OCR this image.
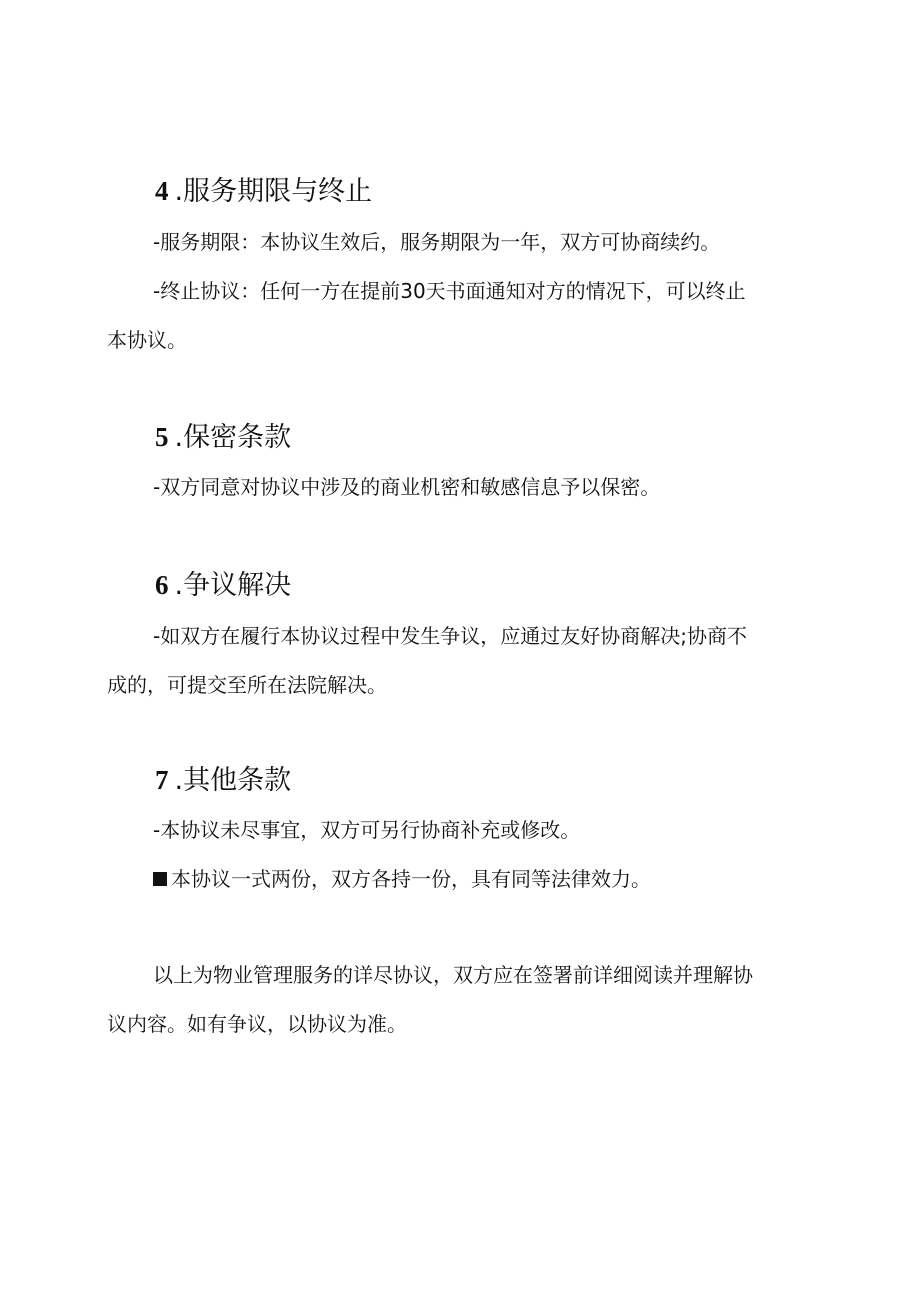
4 .服务期限与终止
-服务期限：本协议生效后，服务期限为一年，双方可协商续约。
-终止协议：任何一方在提前30天书面通知对方的情况下，可以终止
本协议。
5 .保密条款
-双方同意对协议中涉及的商业机密和敏感信息予以保密。
6 .争议解决
-如双方在履行本协议过程中发生争议，应通过友好协商解决;协商不
成的，可提交至所在法院解决。
7 .其他条款
-本协议未尽事宜，双方可另行协商补充或修改。
本协议一式两份，双方各持一份，具有同等法律效力。
以上为物业管理服务的详尽协议，双方应在签署前详细阅读并理解协
议内容。如有争议，以协议为准。
